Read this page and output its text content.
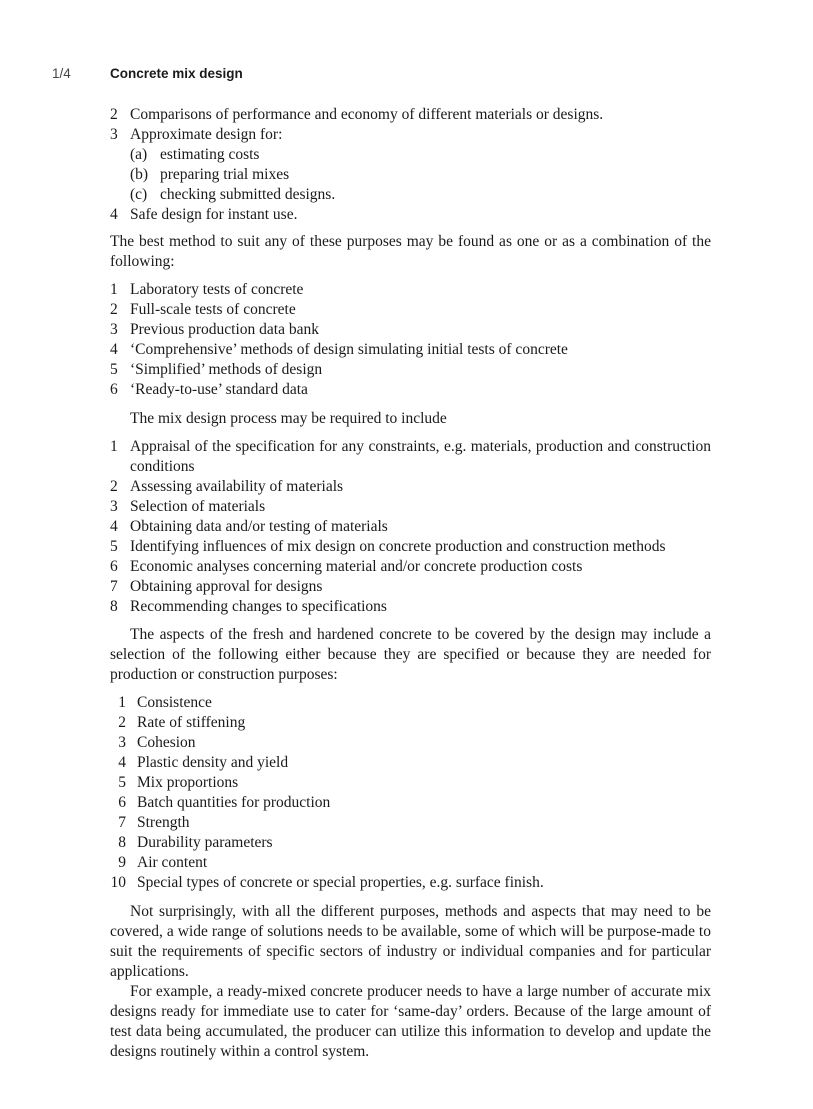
1/4	Concrete mix design
2 Comparisons of performance and economy of different materials or designs.
3 Approximate design for:
(a) estimating costs
(b) preparing trial mixes
(c) checking submitted designs.
4 Safe design for instant use.

The best method to suit any of these purposes may be found as one or as a combination of the following:

1 Laboratory tests of concrete
2 Full-scale tests of concrete
3 Previous production data bank
4 ‘Comprehensive’ methods of design simulating initial tests of concrete
5 ‘Simplified’ methods of design
6 ‘Ready-to-use’ standard data

The mix design process may be required to include

1 Appraisal of the specification for any constraints, e.g. materials, production and construction conditions
2 Assessing availability of materials
3 Selection of materials
4 Obtaining data and/or testing of materials
5 Identifying influences of mix design on concrete production and construction methods
6 Economic analyses concerning material and/or concrete production costs
7 Obtaining approval for designs
8 Recommending changes to specifications

The aspects of the fresh and hardened concrete to be covered by the design may include a selection of the following either because they are specified or because they are needed for production or construction purposes:

1 Consistence
2 Rate of stiffening
3 Cohesion
4 Plastic density and yield
5 Mix proportions
6 Batch quantities for production
7 Strength
8 Durability parameters
9 Air content
10 Special types of concrete or special properties, e.g. surface finish.

Not surprisingly, with all the different purposes, methods and aspects that may need to be covered, a wide range of solutions needs to be available, some of which will be purpose-made to suit the requirements of specific sectors of industry or individual companies and for particular applications.

For example, a ready-mixed concrete producer needs to have a large number of accurate mix designs ready for immediate use to cater for ‘same-day’ orders. Because of the large amount of test data being accumulated, the producer can utilize this information to develop and update the designs routinely within a control system.
